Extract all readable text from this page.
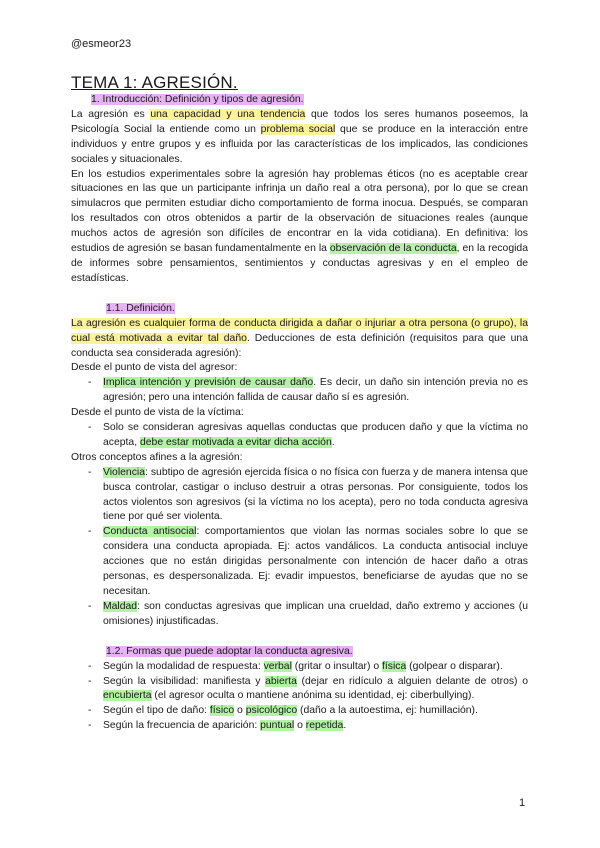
@esmeor23
TEMA 1: AGRESIÓN.
1. Introducción: Definición y tipos de agresión.

La agresión es una capacidad y una tendencia que todos los seres humanos poseemos, la Psicología Social la entiende como un problema social que se produce en la interacción entre individuos y entre grupos y es influida por las características de los implicados, las condiciones sociales y situacionales.

En los estudios experimentales sobre la agresión hay problemas éticos (no es aceptable crear situaciones en las que un participante infrinja un daño real a otra persona), por lo que se crean simulacros que permiten estudiar dicho comportamiento de forma inocua. Después, se comparan los resultados con otros obtenidos a partir de la observación de situaciones reales (aunque muchos actos de agresión son difíciles de encontrar en la vida cotidiana). En definitiva: los estudios de agresión se basan fundamentalmente en la observación de la conducta, en la recogida de informes sobre pensamientos, sentimientos y conductas agresivas y en el empleo de estadísticas.

1.1. Definición.

La agresión es cualquier forma de conducta dirigida a dañar o injuriar a otra persona (o grupo), la cual está motivada a evitar tal daño. Deducciones de esta definición (requisitos para que una conducta sea considerada agresión):

Desde el punto de vista del agresor:

- Implica intención y previsión de causar daño. Es decir, un daño sin intención previa no es agresión; pero una intención fallida de causar daño sí es agresión.

Desde el punto de vista de la víctima:

- Solo se consideran agresivas aquellas conductas que producen daño y que la víctima no acepta, debe estar motivada a evitar dicha acción.

Otros conceptos afines a la agresión:

- Violencia: subtipo de agresión ejercida física o no física con fuerza y de manera intensa que busca controlar, castigar o incluso destruir a otras personas. Por consiguiente, todos los actos violentos son agresivos (si la víctima no los acepta), pero no toda conducta agresiva tiene por qué ser violenta.
- Conducta antisocial: comportamientos que violan las normas sociales sobre lo que se considera una conducta apropiada. Ej: actos vandálicos. La conducta antisocial incluye acciones que no están dirigidas personalmente con intención de hacer daño a otras personas, es despersonalizada. Ej: evadir impuestos, beneficiarse de ayudas que no se necesitan.
- Maldad: son conductas agresivas que implican una crueldad, daño extremo y acciones (u omisiones) injustificadas.
1.2. Formas que puede adoptar la conducta agresiva.
- Según la modalidad de respuesta: verbal (gritar o insultar) o física (golpear o disparar).
- Según la visibilidad: manifiesta y abierta (dejar en ridículo a alguien delante de otros) o encubierta (el agresor oculta o mantiene anónima su identidad, ej: ciberbullying).
- Según el tipo de daño: físico o psicológico (daño a la autoestima, ej: humillación).
- Según la frecuencia de aparición: puntual o repetida.
1
